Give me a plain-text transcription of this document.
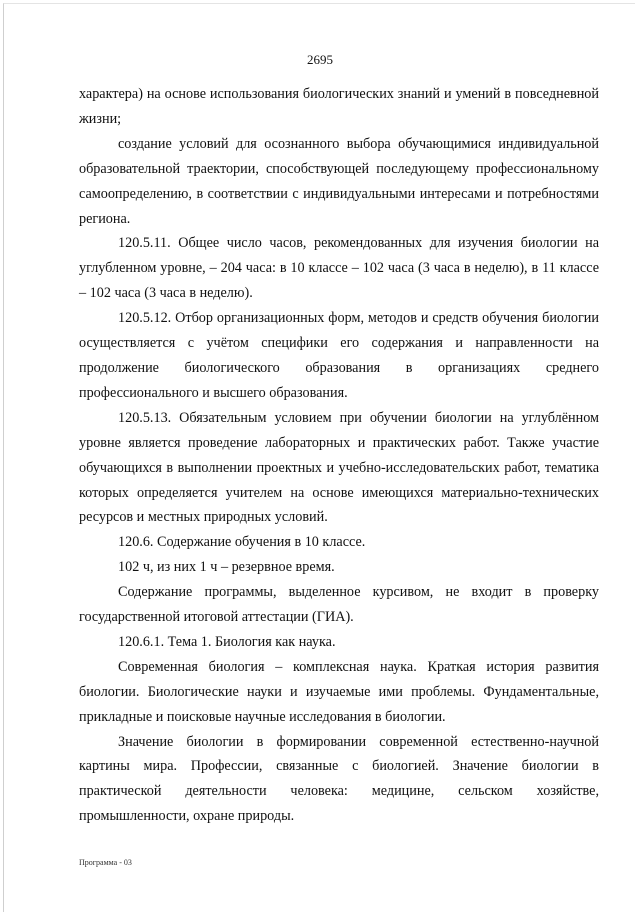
2695

характера) на основе использования биологических знаний и умений в повседневной жизни;

создание условий для осознанного выбора обучающимися индивидуальной образовательной траектории, способствующей последующему профессиональному самоопределению, в соответствии с индивидуальными интересами и потребностями региона.

120.5.11. Общее число часов, рекомендованных для изучения биологии на углубленном уровне, – 204 часа: в 10 классе – 102 часа (3 часа в неделю), в 11 классе – 102 часа (3 часа в неделю).

120.5.12. Отбор организационных форм, методов и средств обучения биологии осуществляется с учётом специфики его содержания и направленности на продолжение биологического образования в организациях среднего профессионального и высшего образования.

120.5.13. Обязательным условием при обучении биологии на углублённом уровне является проведение лабораторных и практических работ. Также участие обучающихся в выполнении проектных и учебно-исследовательских работ, тематика которых определяется учителем на основе имеющихся материально-технических ресурсов и местных природных условий.

120.6. Содержание обучения в 10 классе.

102 ч, из них 1 ч – резервное время.

Содержание программы, выделенное курсивом, не входит в проверку государственной итоговой аттестации (ГИА).

120.6.1. Тема 1. Биология как наука.

Современная биология – комплексная наука. Краткая история развития биологии. Биологические науки и изучаемые ими проблемы. Фундаментальные, прикладные и поисковые научные исследования в биологии.

Значение биологии в формировании современной естественно-научной картины мира. Профессии, связанные с биологией. Значение биологии в практической деятельности человека: медицине, сельском хозяйстве, промышленности, охране природы.

Программа - 03
